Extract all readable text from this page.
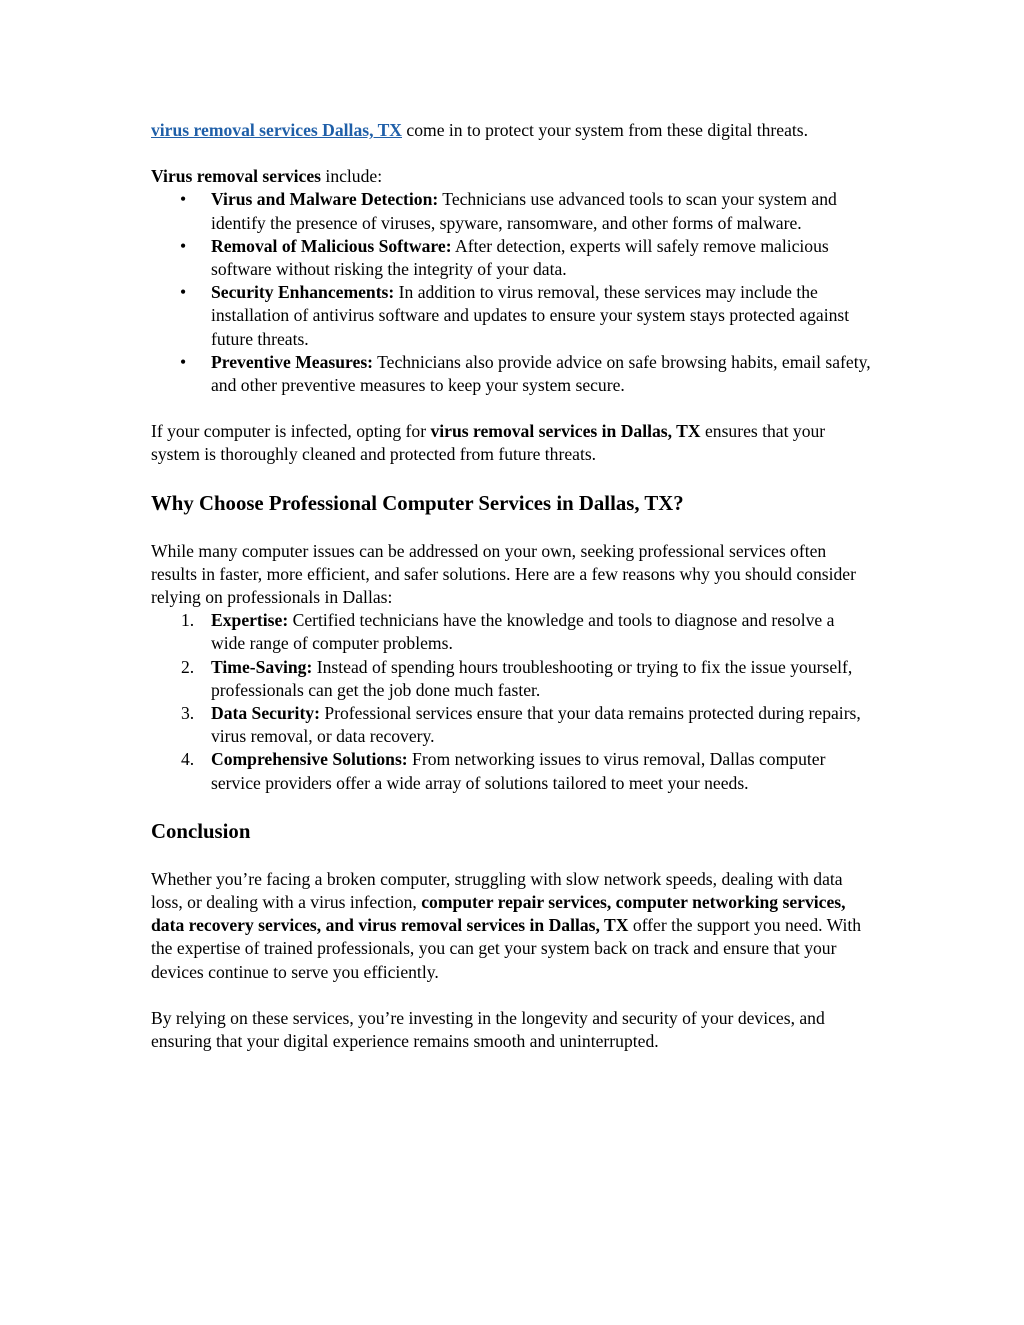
virus removal services Dallas, TX come in to protect your system from these digital threats.

Virus removal services include:

• Virus and Malware Detection: Technicians use advanced tools to scan your system and identify the presence of viruses, spyware, ransomware, and other forms of malware.
• Removal of Malicious Software: After detection, experts will safely remove malicious software without risking the integrity of your data.
• Security Enhancements: In addition to virus removal, these services may include the installation of antivirus software and updates to ensure your system stays protected against future threats.
• Preventive Measures: Technicians also provide advice on safe browsing habits, email safety, and other preventive measures to keep your system secure.

If your computer is infected, opting for virus removal services in Dallas, TX ensures that your system is thoroughly cleaned and protected from future threats.

Why Choose Professional Computer Services in Dallas, TX?

While many computer issues can be addressed on your own, seeking professional services often results in faster, more efficient, and safer solutions. Here are a few reasons why you should consider relying on professionals in Dallas:

1. Expertise: Certified technicians have the knowledge and tools to diagnose and resolve a wide range of computer problems.
2. Time-Saving: Instead of spending hours troubleshooting or trying to fix the issue yourself, professionals can get the job done much faster.
3. Data Security: Professional services ensure that your data remains protected during repairs, virus removal, or data recovery.
4. Comprehensive Solutions: From networking issues to virus removal, Dallas computer service providers offer a wide array of solutions tailored to meet your needs.
Conclusion

Whether you’re facing a broken computer, struggling with slow network speeds, dealing with data loss, or dealing with a virus infection, computer repair services, computer networking services, data recovery services, and virus removal services in Dallas, TX offer the support you need. With the expertise of trained professionals, you can get your system back on track and ensure that your devices continue to serve you efficiently.

By relying on these services, you’re investing in the longevity and security of your devices, and ensuring that your digital experience remains smooth and uninterrupted.
